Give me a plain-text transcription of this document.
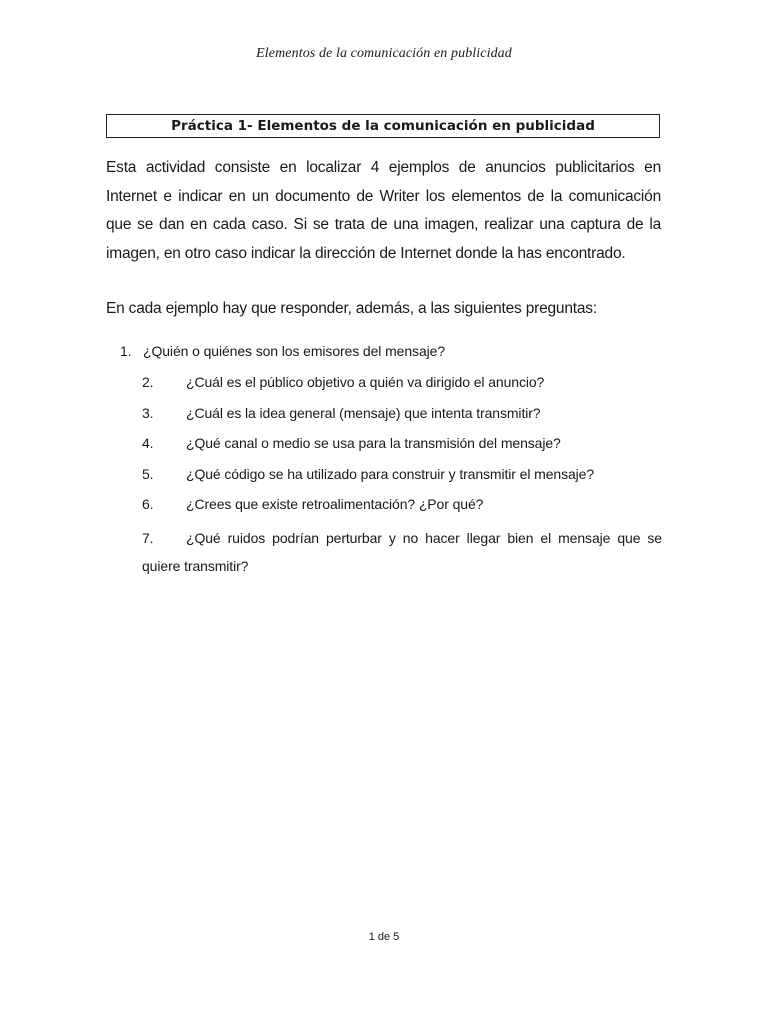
Elementos de la comunicación en publicidad
Práctica 1- Elementos de la comunicación en publicidad

Esta actividad consiste en localizar 4 ejemplos de anuncios publicitarios en Internet e indicar en un documento de Writer los elementos de la comunicación que se dan en cada caso. Si se trata de una imagen, realizar una captura de la imagen, en otro caso indicar la dirección de Internet donde la has encontrado.

En cada ejemplo hay que responder, además, a las siguientes preguntas:

1. ¿Quién o quiénes son los emisores del mensaje?
2. ¿Cuál es el público objetivo a quién va dirigido el anuncio?
3. ¿Cuál es la idea general (mensaje) que intenta transmitir?
4. ¿Qué canal o medio se usa para la transmisión del mensaje?
5. ¿Qué código se ha utilizado para construir y transmitir el mensaje?
6. ¿Crees que existe retroalimentación? ¿Por qué?
7. ¿Qué ruidos podrían perturbar y no hacer llegar bien el mensaje que se quiere transmitir?
1 de 5
